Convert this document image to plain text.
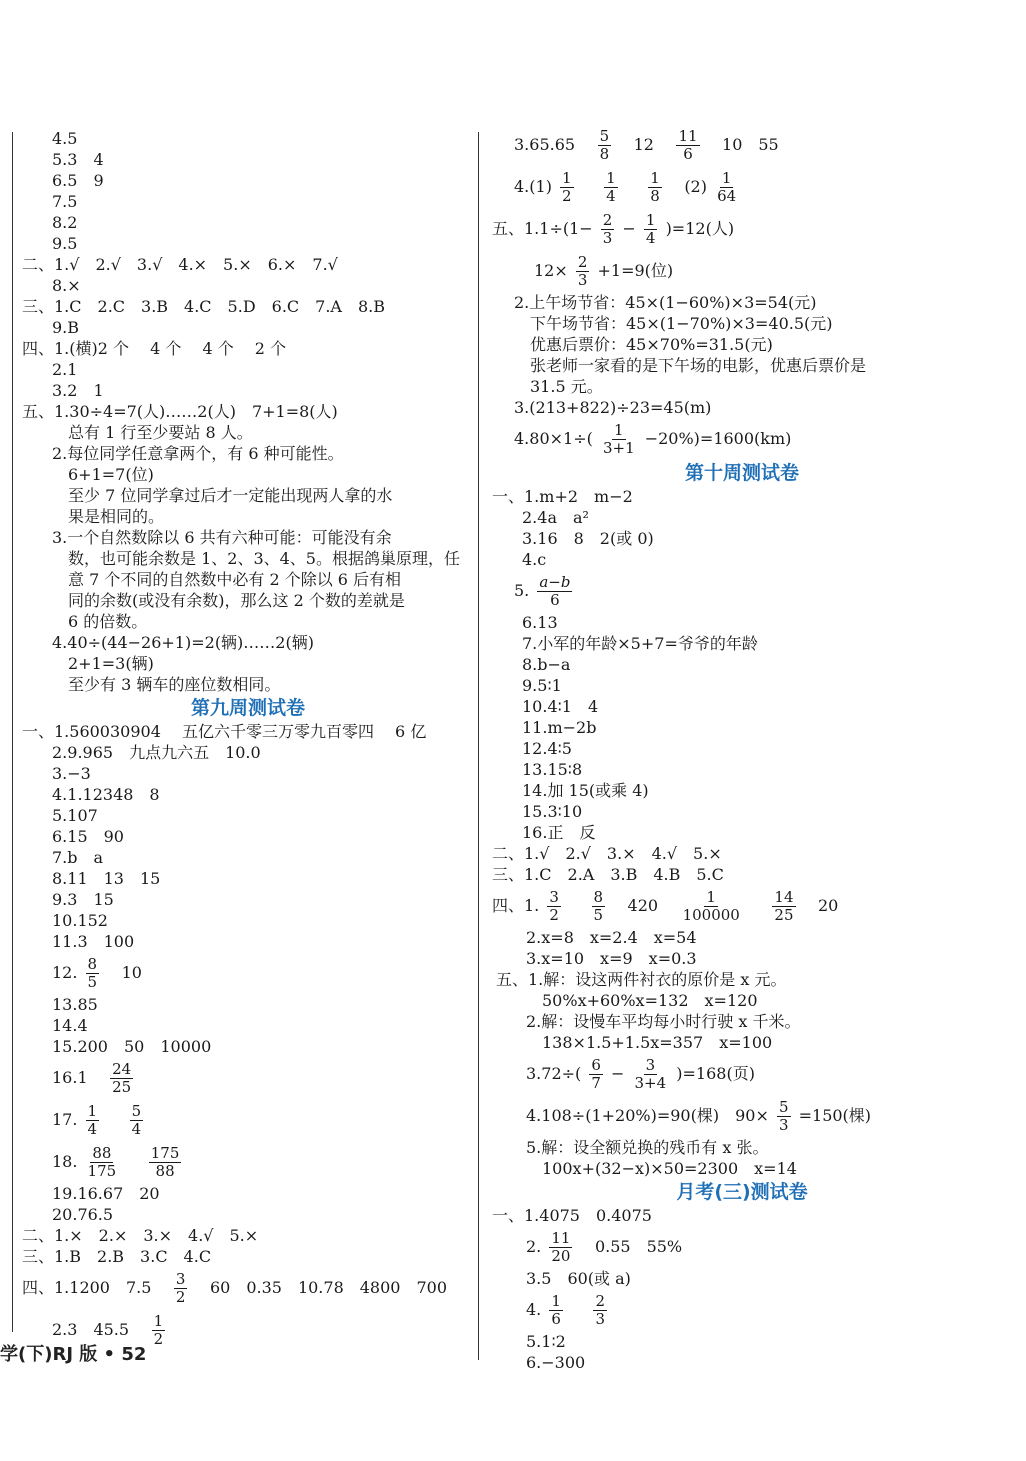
4.5
5.3　4
6.5　9
7.5
8.2
9.5
二、1.√　2.√　3.√　4.×　5.×　6.×　7.√
8.×
三、1.C　2.C　3.B　4.C　5.D　6.C　7.A　8.B
9.B
四、1.(横)2 个　 4 个　 4 个　 2 个
2.1
3.2　1
五、1.30÷4=7(人)……2(人)　7+1=8(人)
总有 1 行至少要站 8 人。
2.每位同学任意拿两个，有 6 种可能性。
6+1=7(位)
至少 7 位同学拿过后才一定能出现两人拿的水
果是相同的。
3.一个自然数除以 6 共有六种可能：可能没有余
数，也可能余数是 1、2、3、4、5。根据鸽巢原理，任
意 7 个不同的自然数中必有 2 个除以 6 后有相
同的余数(或没有余数)，那么这 2 个数的差就是
6 的倍数。
4.40÷(44−26+1)=2(辆)……2(辆)
2+1=3(辆)
至少有 3 辆车的座位数相同。
第九周测试卷
一、1.560030904　 五亿六千零三万零九百零四　 6 亿
2.9.965　九点九六五　10.0
3.−3
4.1.12348　8
5.107
6.15　90
7.b　a
8.11　13　15
9.3　15
10.152
11.3　100
12. $\frac{8}{5} 10$
13.85
14.4
15.200　50　10000
$16.1 \frac{24}{25}$
17. $\frac{1}{4}$
$\frac{5}{4}$
18. $\frac{88}{175}$
$\frac{175}{88}$
19.16.67　20
20.76.5
二、1.×　2.×　3.×　4.√　5.×
三、1.B　2.B　3.C　4.C
四、1.1200　$7.5 \frac{3}{2} 60$　0.35　10.78　4800　700
2.3　$45.5 \frac{1}{2}$
$3.65.65 \frac{5}{8} 12 \frac{11}{6} 10$　55
$4.(1) \frac{1}{2}$
$\frac{1}{4}$
$\frac{1}{8} (2) \frac{1}{64}$
五、$1.1\div(1- \frac{2}{3} - \frac{1}{4} )=12$(人)
$12\times \frac{2}{3} +1=9$(位)
2.上午场节省：45×(1−60%)×3=54(元)
下午场节省：45×(1−70%)×3=40.5(元)
优惠后票价：45×70%=31.5(元)
张老师一家看的是下午场的电影，优惠后票价是
31.5 元。
3.(213+822)÷23=45(m)
$4.80\times 1\div( \frac{1}{3+1} -20\%)=1600(km)$
第十周测试卷
一、1.m+2　m−2
2.4a　a²
3.16　8　2(或 0)
4.c
5. $\frac{a-b}{6}$
6.13
7.小军的年龄×5+7=爷爷的年龄
8.b−a
9.5∶1
10.4∶1　4
11.m−2b
12.4∶5
13.15∶8
14.加 15(或乘 4)
15.3∶10
16.正　反
二、1.√　2.√　3.×　4.√　5.×
三、1.C　2.A　3.B　4.B　5.C
四、1. $\frac{3}{2}$
$\frac{8}{5} 420 \frac{1}{100000}$
$\frac{14}{25} 20$
2.x=8　x=2.4　x=54
3.x=10　x=9　x=0.3
五、1.解：设这两件衬衣的原价是 x 元。
50%x+60%x=132　x=120
2.解：设慢车平均每小时行驶 x 千米。
138×1.5+1.5x=357　x=100
$3.72\div( \frac{6}{7} - \frac{3}{3+4} )=168$(页)
4.108÷(1+20%)=90(棵)　$90\times \frac{5}{3} =150$(棵)
5.解：设全额兑换的残币有 x 张。
100x+(32−x)×50=2300　x=14
月考(三)测试卷
一、1.4075　0.4075
2. $\frac{11}{20} 0.55$　55%
3.5　60(或 a)
4. $\frac{1}{6}$
$\frac{2}{3}$
5.1∶2
6.−300
学(下)RJ 版 • 52
